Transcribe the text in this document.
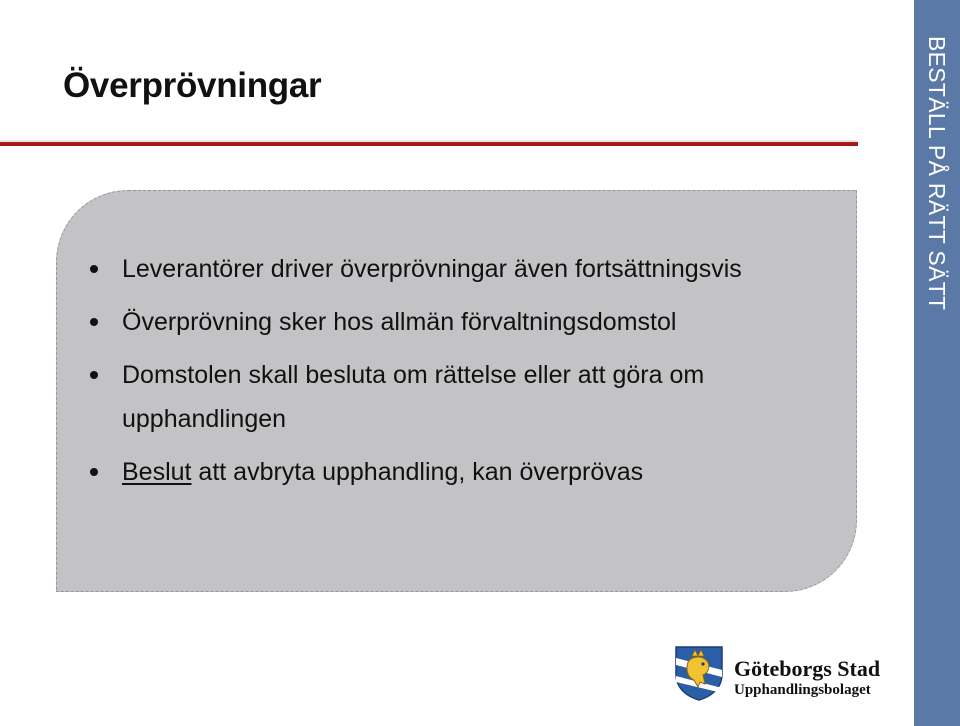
Överprövningar
Leverantörer driver överprövningar även fortsättningsvis
Överprövning sker hos allmän förvaltningsdomstol
Domstolen skall besluta om rättelse eller att göra om upphandlingen
Beslut att avbryta upphandling, kan överprövas
BESTÄLL PÅ RÄTT SÄTT
Göteborgs Stad
Upphandlingsbolaget
